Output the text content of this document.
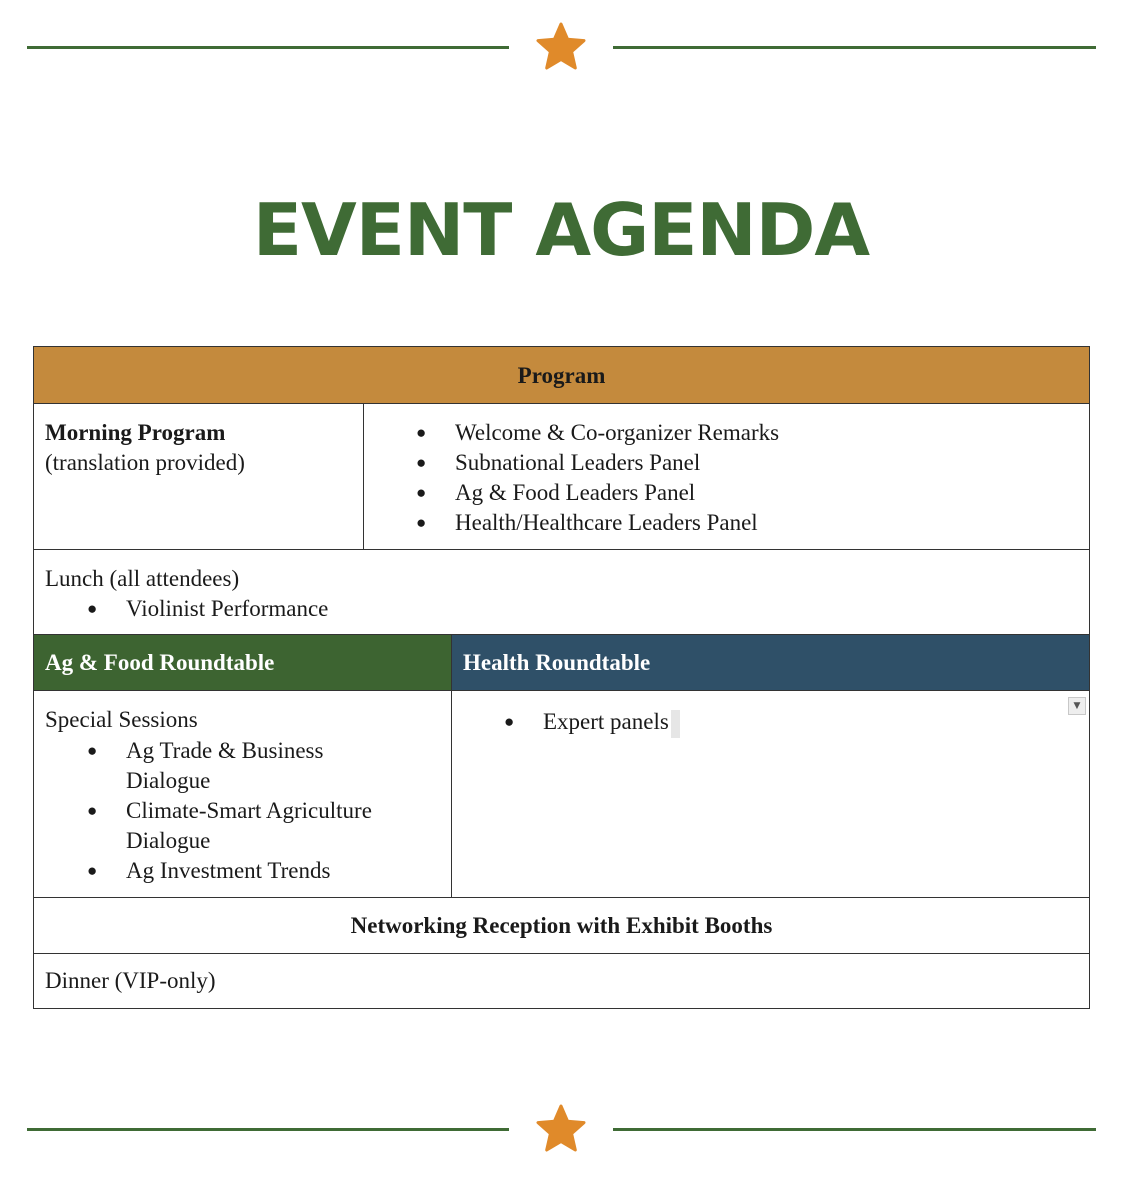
EVENT AGENDA
Program
Morning Program
(translation provided)
● Welcome & Co-organizer Remarks
● Subnational Leaders Panel
● Ag & Food Leaders Panel
● Health/Healthcare Leaders Panel
Lunch (all attendees)
● Violinist Performance
Ag & Food Roundtable	Health Roundtable
Special Sessions
● Ag Trade & Business Dialogue
● Climate-Smart Agriculture Dialogue
● Ag Investment Trends
● Expert panels
▼
Networking Reception with Exhibit Booths
Dinner (VIP-only)
